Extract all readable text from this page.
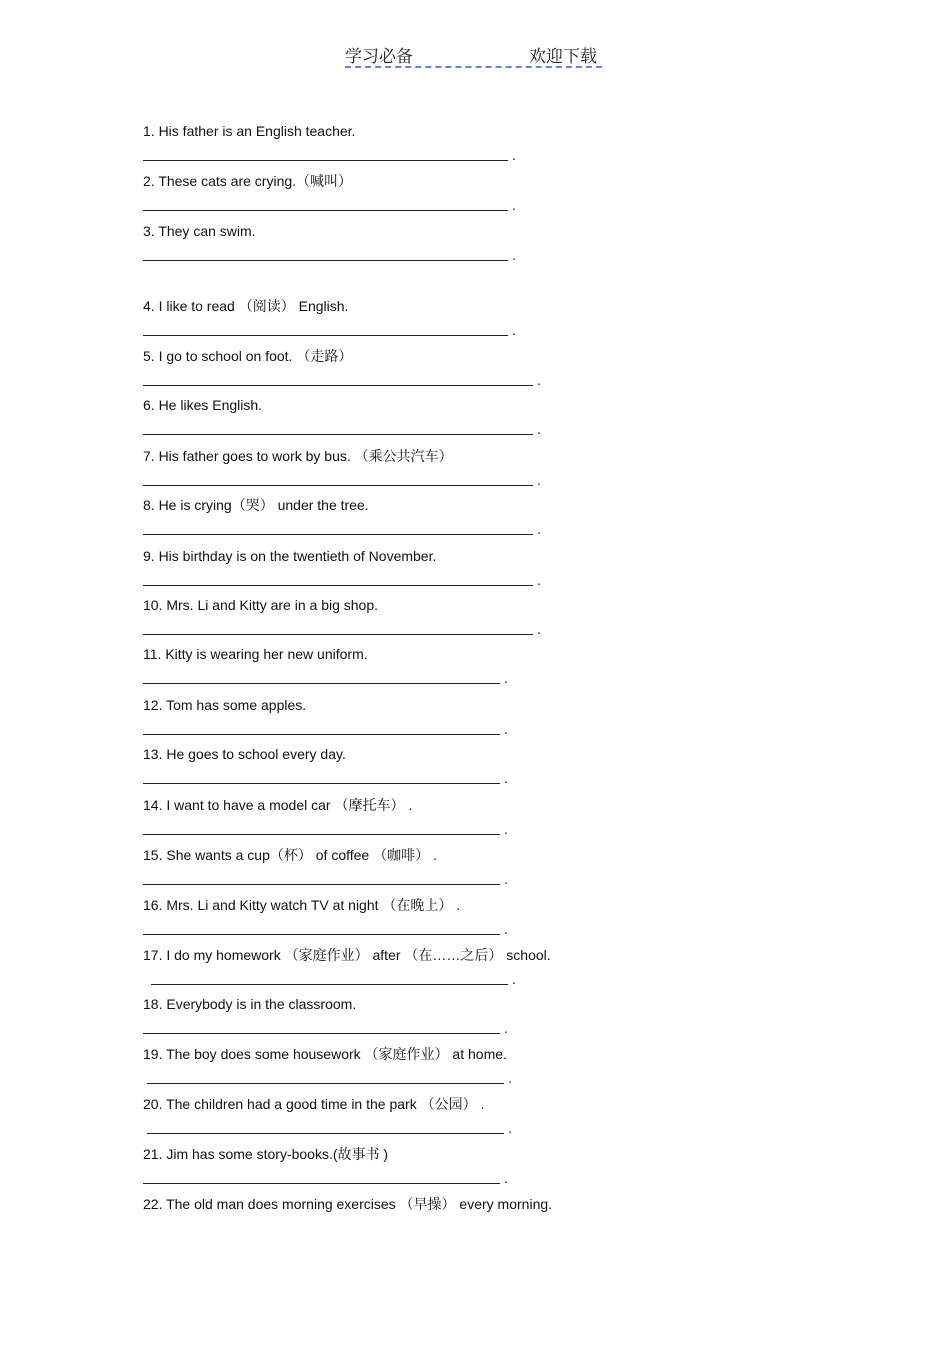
学习必备	欢迎下载
1. His father is an English teacher.
.
2. These cats are crying.（喊叫）
.
3. They can swim.
.
4. I like to read （阅读） English.
.
5. I go to school on foot. （走路）
.
6. He likes English.
.
7. His father goes to work by bus. （乘公共汽车）
.
8. He is crying（哭） under the tree.
.
9. His birthday is on the twentieth of November.
.
10. Mrs. Li and Kitty are in a big shop.
.
11. Kitty is wearing her new uniform.
.
12. Tom has some apples.
.
13. He goes to school every day.
.
14. I want to have a model car （摩托车） .
.
15. She wants a cup（杯） of coffee （咖啡） .
.
16. Mrs. Li and Kitty watch TV at night （在晚上） .
.
17. I do my homework （家庭作业） after （在……之后） school.
.
18. Everybody is in the classroom.
.
19. The boy does some housework （家庭作业） at home.
.
20. The children had a good time in the park （公园） .
.
21. Jim has some story-books.(故事书 )
.
22. The old man does morning exercises （早操） every morning.
